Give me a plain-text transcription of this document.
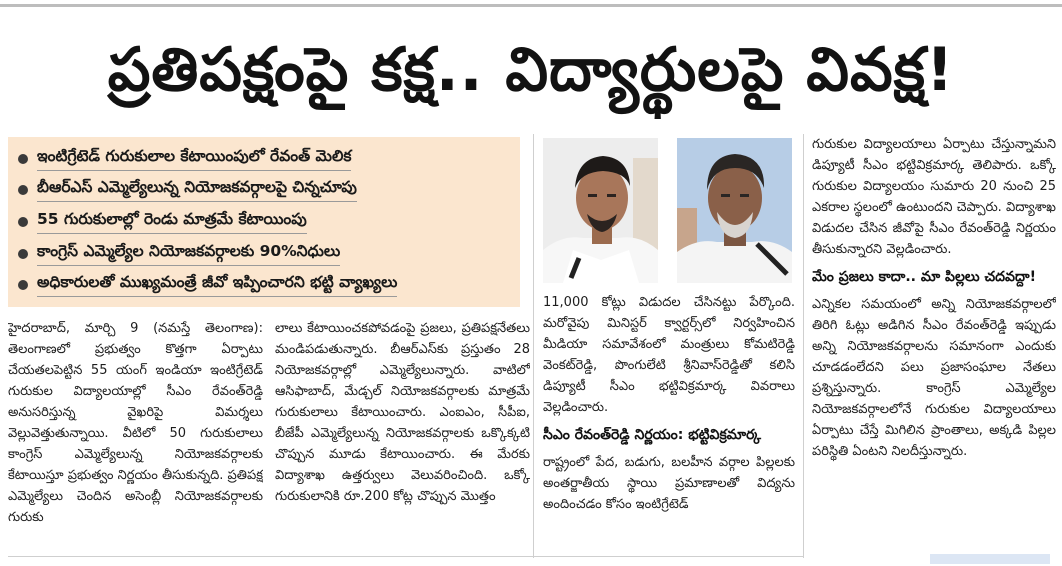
ప్రతిపక్షంపై కక్ష.. విద్యార్థులపై వివక్ష!
ఇంటిగ్రేటెడ్ గురుకులాల కేటాయింపులో రేవంత్ మెలిక
బీఆర్ఎస్ ఎమ్మెల్యేలున్న నియోజకవర్గాలపై చిన్నచూపు
55 గురుకులాల్లో రెండు మాత్రమే కేటాయింపు
కాంగ్రెస్ ఎమ్మెల్యేల నియోజకవర్గాలకు 90%నిధులు
అధికారులతో ముఖ్యమంత్రే జీవో ఇప్పించారని భట్టి వ్యాఖ్యలు

హైదరాబాద్, మార్చి 9 (నమస్తే తెలంగాణ): తెలంగాణలో ప్రభుత్వం కొత్తగా ఏర్పాటు చేయతలపెట్టిన 55 యంగ్ ఇండియా ఇంటిగ్రేటెడ్ గురుకుల విద్యాలయాల్లో సీఎం రేవంత్‌రెడ్డి అనుసరిస్తున్న వైఖరిపై విమర్శలు వెల్లువెత్తుతున్నాయి. వీటిలో 50 గురుకులాలు కాంగ్రెస్ ఎమ్మెల్యేలున్న నియోజకవర్గాలకు కేటాయిస్తూ ప్రభుత్వం నిర్ణయం తీసుకున్నది. ప్రతిపక్ష ఎమ్మెల్యేలు చెందిన అసెంబ్లీ నియోజకవర్గాలకు గురుకు

లాలు కేటాయించకపోవడంపై ప్రజలు, ప్రతిపక్షనేతలు మండిపడుతున్నారు. బీఆర్ఎస్‌కు ప్రస్తుతం 28 నియోజకవర్గాల్లో ఎమ్మెల్యేలున్నారు. వాటిలో ఆసిఫాబాద్, మేడ్చల్ నియోజకవర్గాలకు మాత్రమే గురుకులాలు కేటాయించారు. ఎంఐఎం, సీపీఐ, బీజేపీ ఎమ్మెల్యేలున్న నియోజకవర్గాలకు ఒక్కొక్కటి చొప్పున మూడు కేటాయించారు. ఈ మేరకు విద్యాశాఖ ఉత్తర్వులు వెలువరించింది. ఒక్కో గురుకులానికి రూ.200 కోట్ల చొప్పున మొత్తం

11,000 కోట్లు విడుదల చేసినట్టు పేర్కొంది. మరోవైపు మినిస్టర్ క్వార్టర్స్‌లో నిర్వహించిన మీడియా సమావేశంలో మంత్రులు కోమటిరెడ్డి వెంకట్‌రెడ్డి, పొంగులేటి శ్రీనివాస్‌రెడ్డితో కలిసి డిప్యూటీ సీఎం భట్టివిక్రమార్క వివరాలు వెల్లడించారు.

సీఎం రేవంత్‌రెడ్డి నిర్ణయం: భట్టివిక్రమార్క

రాష్ట్రంలో పేద, బడుగు, బలహీన వర్గాల పిల్లలకు అంతర్జాతీయ స్థాయి ప్రమాణాలతో విద్యను అందించడం కోసం ఇంటిగ్రేటెడ్

గురుకుల విద్యాలయాలు ఏర్పాటు చేస్తున్నామని డిప్యూటీ సీఎం భట్టివిక్రమార్క తెలిపారు. ఒక్కో గురుకుల విద్యాలయం సుమారు 20 నుంచి 25 ఎకరాల స్థలంలో ఉంటుందని చెప్పారు. విద్యాశాఖ విడుదల చేసిన జీవోపై సీఎం రేవంత్‌రెడ్డి నిర్ణయం తీసుకున్నారని వెల్లడించారు.

మేం ప్రజలు కాదా.. మా పిల్లలు చదవద్దా!

ఎన్నికల సమయంలో అన్ని నియోజకవర్గాలలో తిరిగి ఓట్లు అడిగిన సీఎం రేవంత్‌రెడ్డి ఇప్పుడు అన్ని నియోజకవర్గాలను సమానంగా ఎందుకు చూడడంలేదని పలు ప్రజాసంఘాల నేతలు ప్రశ్నిస్తున్నారు. కాంగ్రెస్ ఎమ్మెల్యేల నియోజకవర్గాలలోనే గురుకుల విద్యాలయాలు ఏర్పాటు చేస్తే మిగిలిన ప్రాంతాలు, అక్కడి పిల్లల పరిస్థితి ఏంటని నిలదీస్తున్నారు.
